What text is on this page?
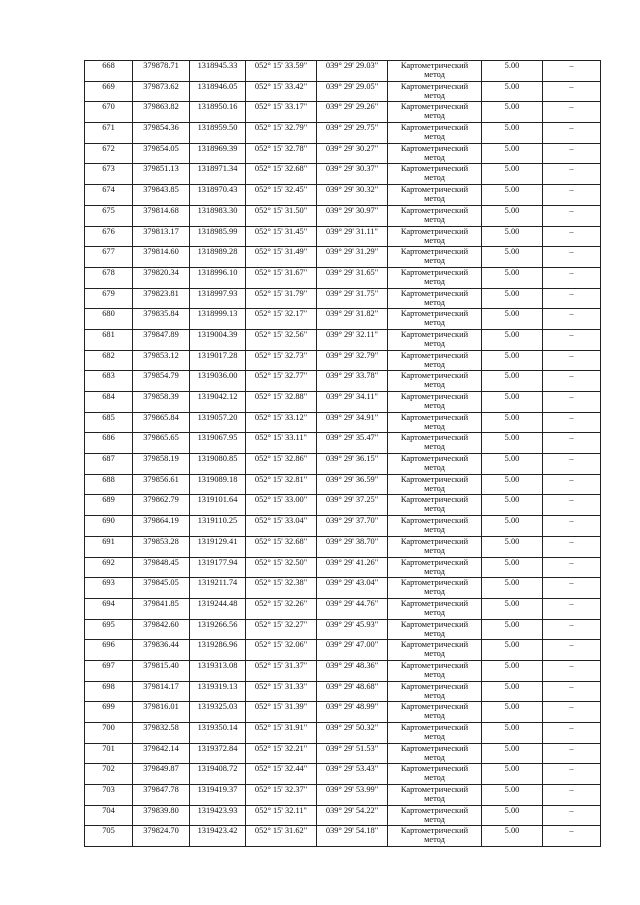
668	379878.71	1318945.33	052° 15' 33.59"	039° 29' 29.03"	Картометрический
метод	5.00	–
669	379873.62	1318946.05	052° 15' 33.42"	039° 29' 29.05"	Картометрический
метод	5.00	–
670	379863.82	1318950.16	052° 15' 33.17"	039° 29' 29.26"	Картометрический
метод	5.00	–
671	379854.36	1318959.50	052° 15' 32.79"	039° 29' 29.75"	Картометрический
метод	5.00	–
672	379854.05	1318969.39	052° 15' 32.78"	039° 29' 30.27"	Картометрический
метод	5.00	–
673	379851.13	1318971.34	052° 15' 32.68"	039° 29' 30.37"	Картометрический
метод	5.00	–
674	379843.85	1318970.43	052° 15' 32.45"	039° 29' 30.32"	Картометрический
метод	5.00	–
675	379814.68	1318983.30	052° 15' 31.50"	039° 29' 30.97"	Картометрический
метод	5.00	–
676	379813.17	1318985.99	052° 15' 31.45"	039° 29' 31.11"	Картометрический
метод	5.00	–
677	379814.60	1318989.28	052° 15' 31.49"	039° 29' 31.29"	Картометрический
метод	5.00	–
678	379820.34	1318996.10	052° 15' 31.67"	039° 29' 31.65"	Картометрический
метод	5.00	–
679	379823.81	1318997.93	052° 15' 31.79"	039° 29' 31.75"	Картометрический
метод	5.00	–
680	379835.84	1318999.13	052° 15' 32.17"	039° 29' 31.82"	Картометрический
метод	5.00	–
681	379847.89	1319004.39	052° 15' 32.56"	039° 29' 32.11"	Картометрический
метод	5.00	–
682	379853.12	1319017.28	052° 15' 32.73"	039° 29' 32.79"	Картометрический
метод	5.00	–
683	379854.79	1319036.00	052° 15' 32.77"	039° 29' 33.78"	Картометрический
метод	5.00	–
684	379858.39	1319042.12	052° 15' 32.88"	039° 29' 34.11"	Картометрический
метод	5.00	–
685	379865.84	1319057.20	052° 15' 33.12"	039° 29' 34.91"	Картометрический
метод	5.00	–
686	379865.65	1319067.95	052° 15' 33.11"	039° 29' 35.47"	Картометрический
метод	5.00	–
687	379858.19	1319080.85	052° 15' 32.86"	039° 29' 36.15"	Картометрический
метод	5.00	–
688	379856.61	1319089.18	052° 15' 32.81"	039° 29' 36.59"	Картометрический
метод	5.00	–
689	379862.79	1319101.64	052° 15' 33.00"	039° 29' 37.25"	Картометрический
метод	5.00	–
690	379864.19	1319110.25	052° 15' 33.04"	039° 29' 37.70"	Картометрический
метод	5.00	–
691	379853.28	1319129.41	052° 15' 32.68"	039° 29' 38.70"	Картометрический
метод	5.00	–
692	379848.45	1319177.94	052° 15' 32.50"	039° 29' 41.26"	Картометрический
метод	5.00	–
693	379845.05	1319211.74	052° 15' 32.38"	039° 29' 43.04"	Картометрический
метод	5.00	–
694	379841.85	1319244.48	052° 15' 32.26"	039° 29' 44.76"	Картометрический
метод	5.00	–
695	379842.60	1319266.56	052° 15' 32.27"	039° 29' 45.93"	Картометрический
метод	5.00	–
696	379836.44	1319286.96	052° 15' 32.06"	039° 29' 47.00"	Картометрический
метод	5.00	–
697	379815.40	1319313.08	052° 15' 31.37"	039° 29' 48.36"	Картометрический
метод	5.00	–
698	379814.17	1319319.13	052° 15' 31.33"	039° 29' 48.68"	Картометрический
метод	5.00	–
699	379816.01	1319325.03	052° 15' 31.39"	039° 29' 48.99"	Картометрический
метод	5.00	–
700	379832.58	1319350.14	052° 15' 31.91"	039° 29' 50.32"	Картометрический
метод	5.00	–
701	379842.14	1319372.84	052° 15' 32.21"	039° 29' 51.53"	Картометрический
метод	5.00	–
702	379849.87	1319408.72	052° 15' 32.44"	039° 29' 53.43"	Картометрический
метод	5.00	–
703	379847.78	1319419.37	052° 15' 32.37"	039° 29' 53.99"	Картометрический
метод	5.00	–
704	379839.80	1319423.93	052° 15' 32.11"	039° 29' 54.22"	Картометрический
метод	5.00	–
705	379824.70	1319423.42	052° 15' 31.62"	039° 29' 54.18"	Картометрический
метод	5.00	–
